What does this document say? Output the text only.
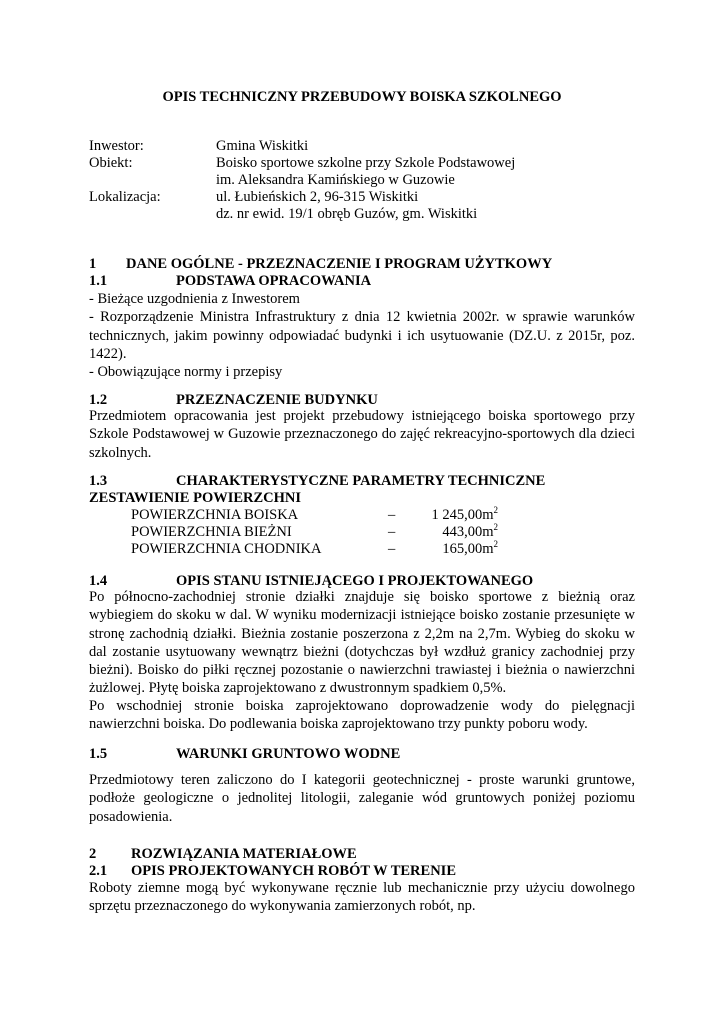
OPIS TECHNICZNY PRZEBUDOWY BOISKA SZKOLNEGO
Inwestor:	Gmina Wiskitki
Obiekt:	Boisko sportowe szkolne przy Szkole Podstawowej
im. Aleksandra Kamińskiego w Guzowie
Lokalizacja:	ul. Łubieńskich 2, 96-315 Wiskitki
dz. nr ewid. 19/1 obręb Guzów, gm. Wiskitki
1 DANE OGÓLNE - PRZEZNACZENIE I PROGRAM UŻYTKOWY
1.1	PODSTAWA OPRACOWANIA
- Bieżące uzgodnienia z Inwestorem
- Rozporządzenie Ministra Infrastruktury z dnia 12 kwietnia 2002r. w sprawie warunków technicznych, jakim powinny odpowiadać budynki i ich usytuowanie (DZ.U. z 2015r, poz. 1422).
- Obowiązujące normy i przepisy
1.2	PRZEZNACZENIE BUDYNKU
Przedmiotem opracowania jest projekt przebudowy istniejącego boiska sportowego przy Szkole Podstawowej w Guzowie przeznaczonego do zajęć rekreacyjno-sportowych dla dzieci szkolnych.
1.3	CHARAKTERYSTYCZNE PARAMETRY TECHNICZNE
ZESTAWIENIE POWIERZCHNI
POWIERZCHNIA BOISKA	–	1 $245,00m^2$
POWIERZCHNIA BIEŻNI	–	$443,00m^2$
POWIERZCHNIA CHODNIKA	–	$165,00m^2$
1.4	OPIS STANU ISTNIEJĄCEGO I PROJEKTOWANEGO
Po północno-zachodniej stronie działki znajduje się boisko sportowe z bieżnią oraz wybiegiem do skoku w dal. W wyniku modernizacji istniejące boisko zostanie przesunięte w stronę zachodnią działki. Bieżnia zostanie poszerzona z 2,2m na 2,7m. Wybieg do skoku w dal zostanie usytuowany wewnątrz bieżni (dotychczas był wzdłuż granicy zachodniej przy bieżni). Boisko do piłki ręcznej pozostanie o nawierzchni trawiastej i bieżnia o nawierzchni żużlowej. Płytę boiska zaprojektowano z dwustronnym spadkiem 0,5%.
Po wschodniej stronie boiska zaprojektowano doprowadzenie wody do pielęgnacji nawierzchni boiska. Do podlewania boiska zaprojektowano trzy punkty poboru wody.
1.5	WARUNKI GRUNTOWO WODNE
Przedmiotowy teren zaliczono do I kategorii geotechnicznej - proste warunki gruntowe, podłoże geologiczne o jednolitej litologii, zaleganie wód gruntowych poniżej poziomu posadowienia.
2 ROZWIĄZANIA MATERIAŁOWE
2.1 OPIS PROJEKTOWANYCH ROBÓT W TERENIE
Roboty ziemne mogą być wykonywane ręcznie lub mechanicznie przy użyciu dowolnego sprzętu przeznaczonego do wykonywania zamierzonych robót, np.
